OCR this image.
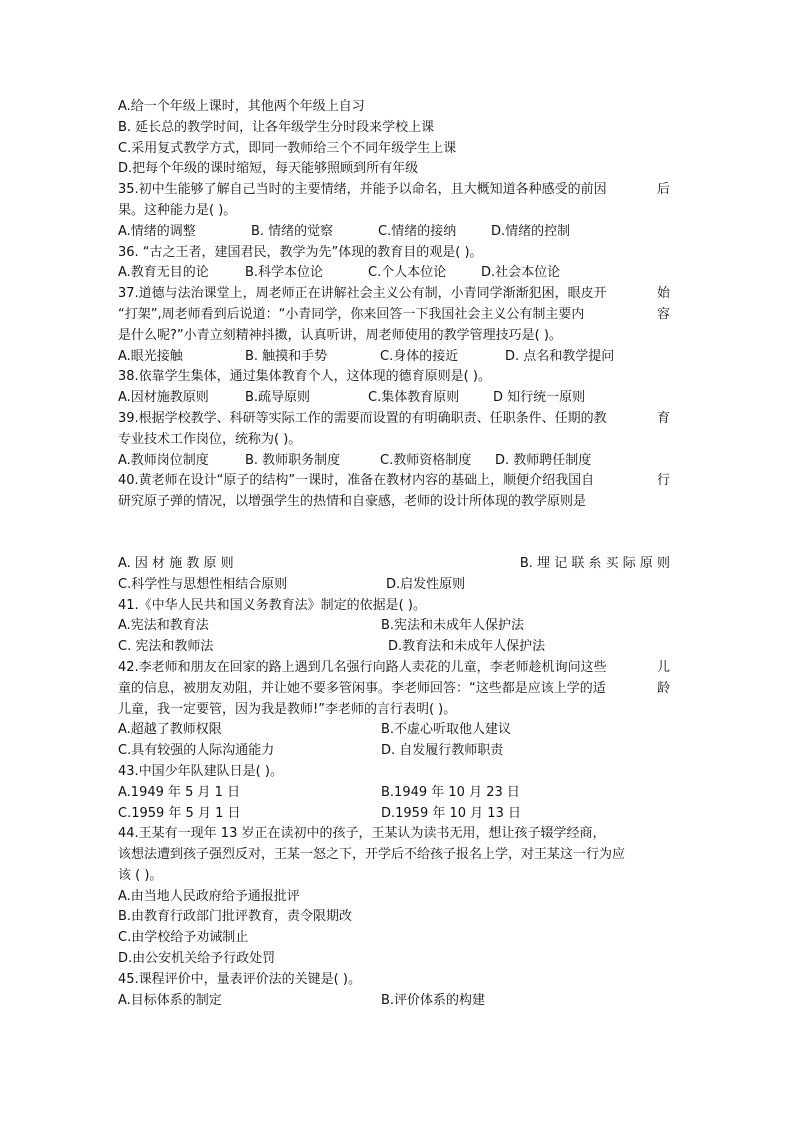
A.给一个年级上课时，其他两个年级上自习
B. 延长总的教学时间，让各年级学生分时段来学校上课
C.采用复式教学方式，即同一教师给三个不同年级学生上课
D.把每个年级的课时缩短，每天能够照顾到所有年级
35.初中生能够了解自己当时的主要情绪，并能予以命名，且大概知道各种感受的前因	后
果。这种能力是( )。
A.情绪的调整	B. 情绪的觉察	C.情绪的接纳	D.情绪的控制
36. “古之王者，建国君民，教学为先”体现的教育目的观是( )。
A.教育无目的论	B.科学本位论	C.个人本位论	D.社会本位论
37.道德与法治课堂上，周老师正在讲解社会主义公有制，小青同学渐渐犯困，眼皮开	始
“打架”,周老师看到后说道：“小青同学，你来回答一下我国社会主义公有制主要内	容
是什么呢?”小青立刻精神抖擞，认真听讲，周老师使用的教学管理技巧是( )。
A.眼光接触	B. 触摸和手势	C.身体的接近	D. 点名和教学提问
38.依靠学生集体，通过集体教育个人，这体现的德育原则是( )。
A.因材施教原则	B.疏导原则	C.集体教育原则	D 知行统一原则
39.根据学校教学、科研等实际工作的需要而设置的有明确职责、任职条件、任期的教	育
专业技术工作岗位，统称为( )。
A.教师岗位制度	B. 教师职务制度	C.教师资格制度	D. 教师聘任制度
40.黄老师在设计“原子的结构”一课时，准备在教材内容的基础上，顺便介绍我国自	行
研究原子弹的情况，以增强学生的热情和自豪感，老师的设计所体现的教学原则是
A. 因 材 施 教 原 则	B. 埋 记 联 糸 买 际 原 则
C.科学性与思想性相结合原则	D.启发性原则
41.《中华人民共和国义务教育法》制定的依据是( )。
A.宪法和教育法	B.宪法和未成年人保护法
C. 宪法和教师法	D.教育法和未成年人保护法
42.李老师和朋友在回家的路上遇到几名强行向路人卖花的儿童，李老师趁机询问这些	儿
童的信息，被朋友劝阻，并让她不要多管闲事。李老师回答：“这些都是应该上学的适	龄
儿童，我一定要管，因为我是教师!”李老师的言行表明( )。
A.超越了教师权限	B.不虚心听取他人建议
C.具有较强的人际沟通能力	D. 自发履行教师职责
43.中国少年队建队日是( )。
A.1949 年 5 月 1 日	B.1949 年 10 月 23 日
C.1959 年 5 月 1 日	D.1959 年 10 月 13 日
44.王某有一现年 13 岁正在读初中的孩子，王某认为读书无用，想让孩子辍学经商，
该想法遭到孩子强烈反对，王某一怒之下，开学后不给孩子报名上学，对王某这一行为应
该 ( )。
A.由当地人民政府给予通报批评
B.由教育行政部门批评教育，责令限期改
C.由学校给予劝诫制止
D.由公安机关给予行政处罚
45.课程评价中，量表评价法的关键是( )。
A.目标体系的制定	B.评价体系的构建
